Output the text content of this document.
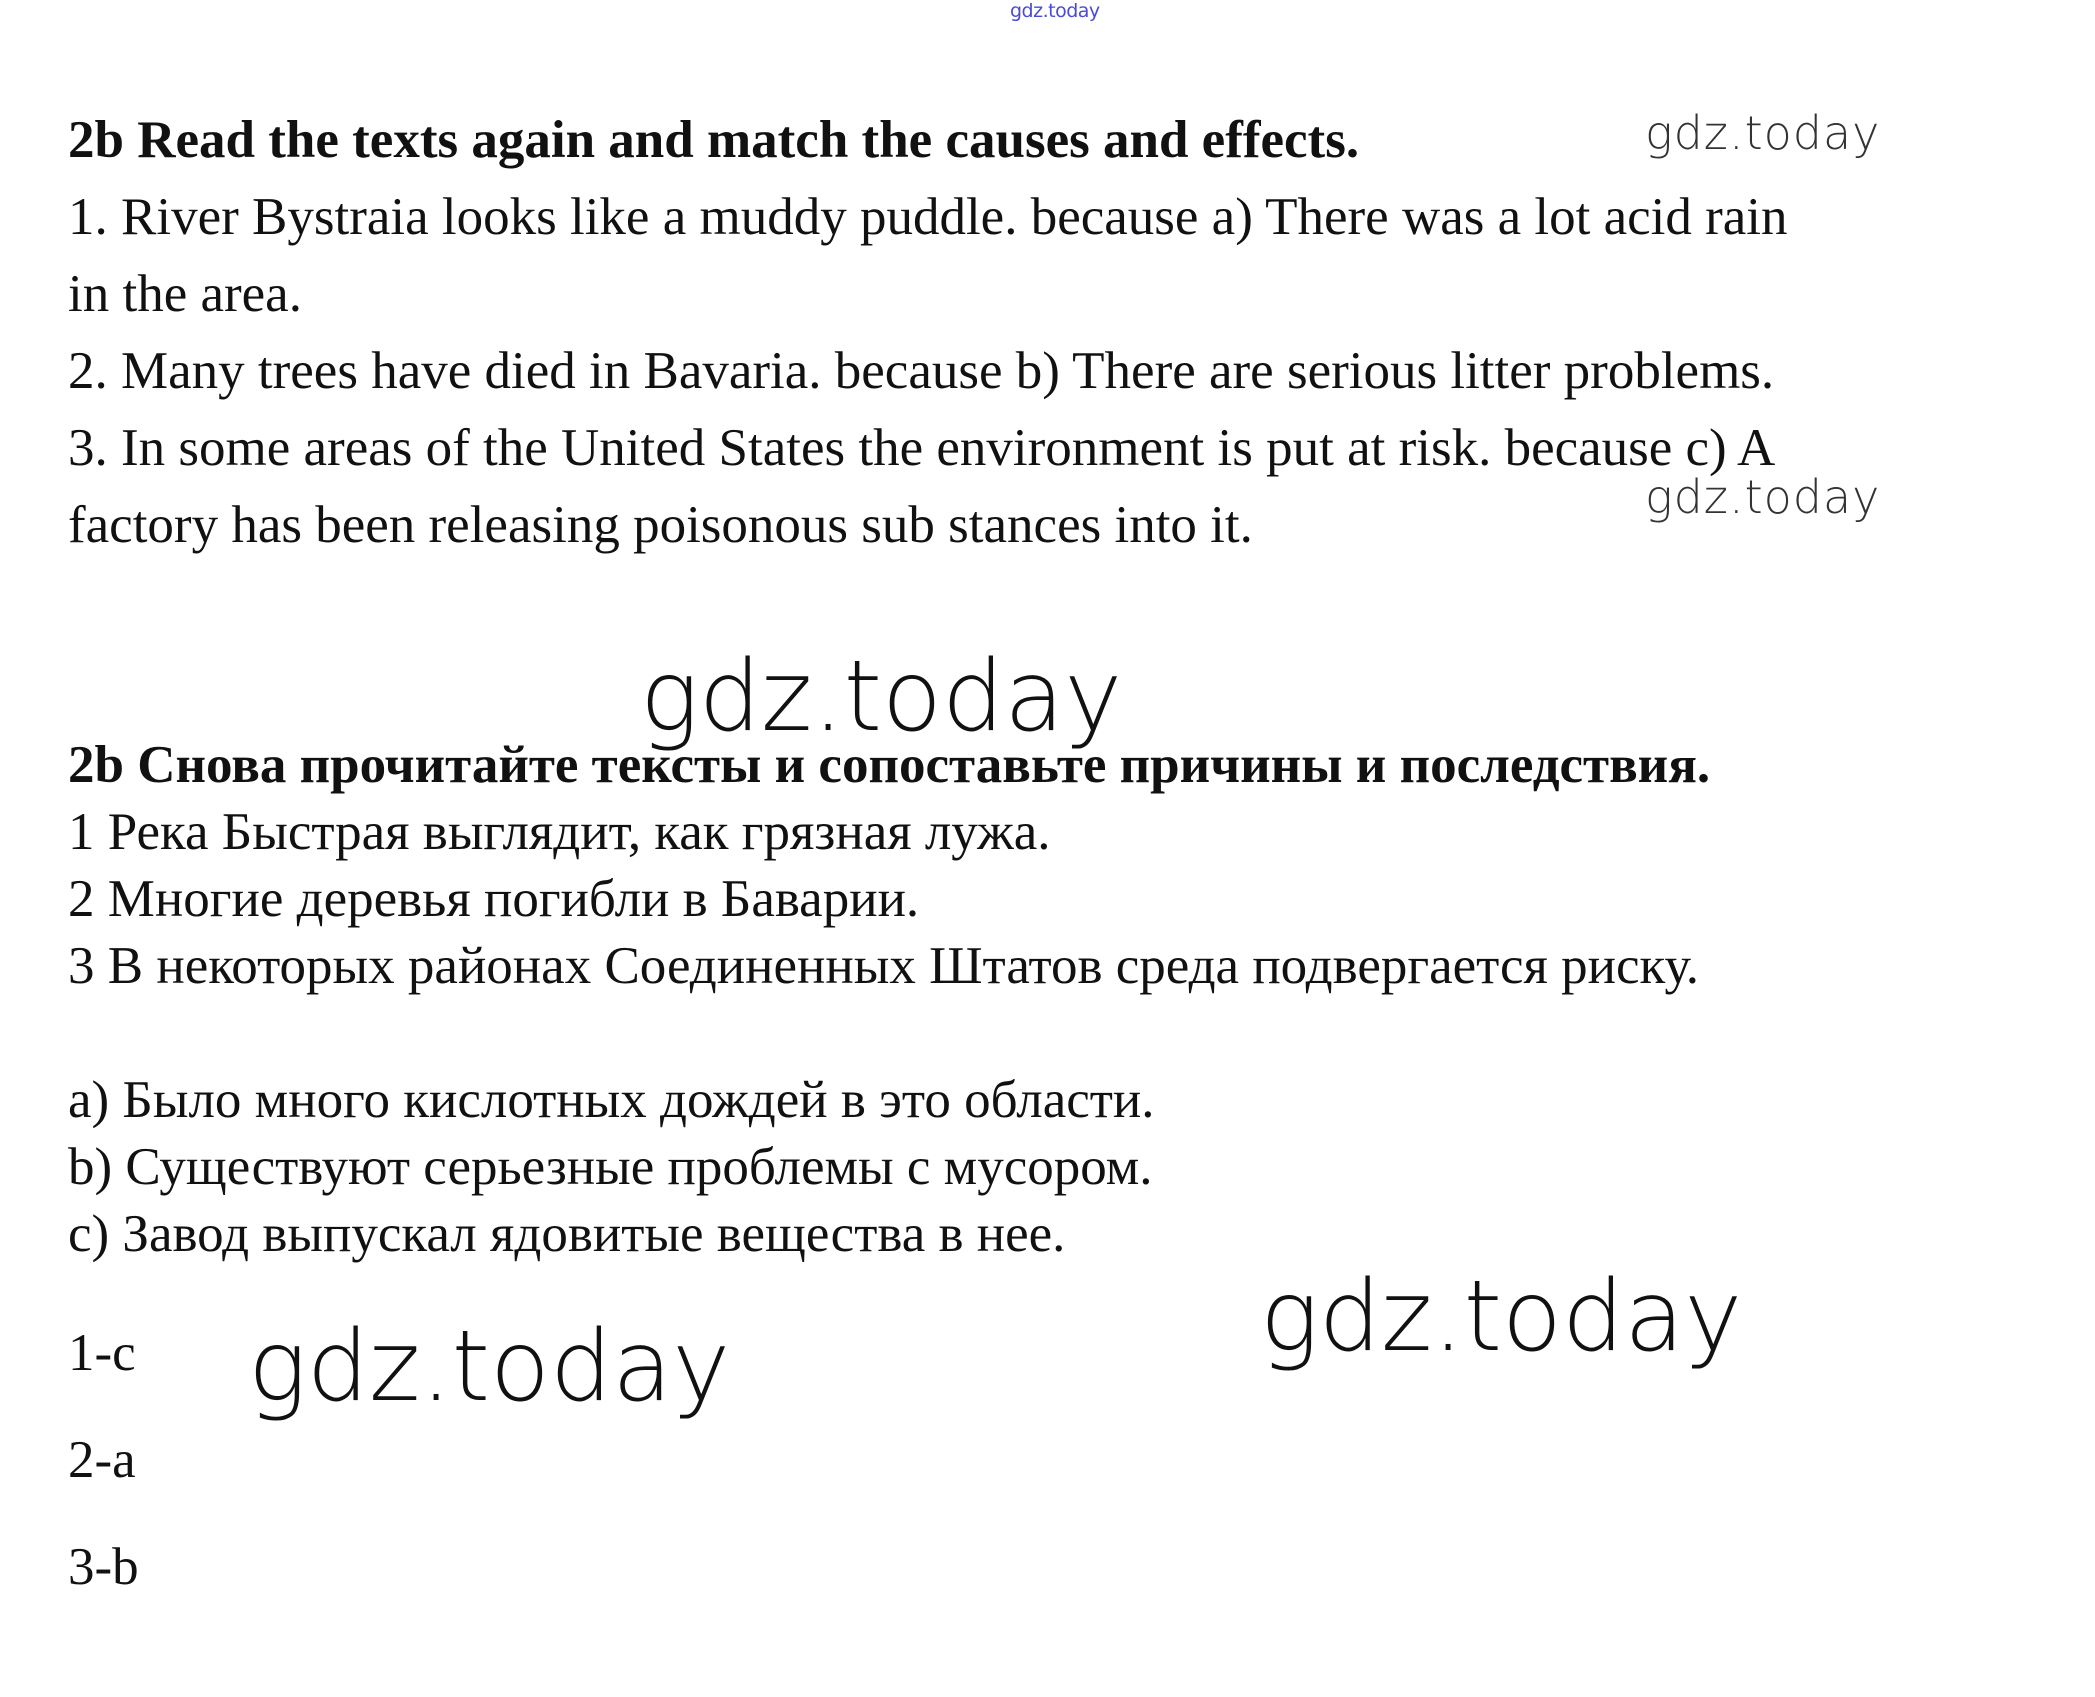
gdz.today
2b Read the texts again and match the causes and effects.
1. River Bystraia looks like a muddy puddle. because a) There was a lot acid rain
in the area.
2. Many trees have died in Bavaria. because b) There are serious litter problems.
3. In some areas of the United States the environment is put at risk. because c) A
factory has been releasing poisonous sub stances into it.
2b Снова прочитайте тексты и сопоставьте причины и последствия.
1 Река Быстрая выглядит, как грязная лужа.
2 Многие деревья погибли в Баварии.
3 В некоторых районах Соединенных Штатов среда подвергается риску.
a) Было много кислотных дождей в это области.
b) Существуют серьезные проблемы с мусором.
c) Завод выпускал ядовитые вещества в нее.
1-c
2-a
3-b
gdz.today
gdz.today
gdz.today
gdz.today
gdz.today
